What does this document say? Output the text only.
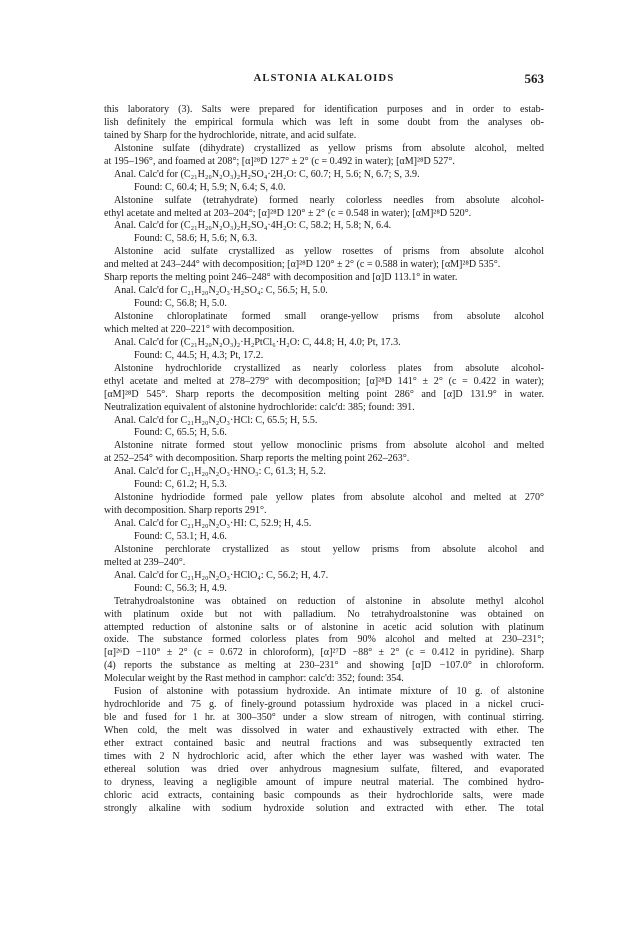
ALSTONIA ALKALOIDS	563
this laboratory (3). Salts were prepared for identification purposes and in order to estab-
lish definitely the empirical formula which was left in some doubt from the analyses ob-
tained by Sharp for the hydrochloride, nitrate, and acid sulfate.
Alstonine sulfate (dihydrate) crystallized as yellow prisms from absolute alcohol, melted
at 195–196°, and foamed at 208°; [α]²⁸D 127° ± 2° (c = 0.492 in water); [αM]²⁸D 527°.
Anal. Calc'd for (C₂₁H₂₀N₂O₃)₂H₂SO₄·2H₂O: C, 60.7; H, 5.6; N, 6.7; S, 3.9.
Found: C, 60.4; H, 5.9; N, 6.4; S, 4.0.
Alstonine sulfate (tetrahydrate) formed nearly colorless needles from absolute alcohol-
ethyl acetate and melted at 203–204°; [α]²⁸D 120° ± 2° (c = 0.548 in water); [αM]²⁸D 520°.
Anal. Calc'd for (C₂₁H₂₀N₂O₃)₂H₂SO₄·4H₂O: C, 58.2; H, 5.8; N, 6.4.
Found: C, 58.6; H, 5.6; N, 6.3.
Alstonine acid sulfate crystallized as yellow rosettes of prisms from absolute alcohol
and melted at 243–244° with decomposition; [α]²⁸D 120° ± 2° (c = 0.588 in water); [αM]²⁸D 535°.
Sharp reports the melting point 246–248° with decomposition and [α]D 113.1° in water.
Anal. Calc'd for C₂₁H₂₀N₂O₃·H₂SO₄: C, 56.5; H, 5.0.
Found: C, 56.8; H, 5.0.
Alstonine chloroplatinate formed small orange-yellow prisms from absolute alcohol
which melted at 220–221° with decomposition.
Anal. Calc'd for (C₂₁H₂₀N₂O₃)₂·H₂PtCl₆·H₂O: C, 44.8; H, 4.0; Pt, 17.3.
Found: C, 44.5; H, 4.3; Pt, 17.2.
Alstonine hydrochloride crystallized as nearly colorless plates from absolute alcohol-
ethyl acetate and melted at 278–279° with decomposition; [α]²⁸D 141° ± 2° (c = 0.422 in water);
[αM]²⁸D 545°. Sharp reports the decomposition melting point 286° and [α]D 131.9° in water.
Neutralization equivalent of alstonine hydrochloride: calc'd: 385; found: 391.
Anal. Calc'd for C₂₁H₂₀N₂O₃·HCl: C, 65.5; H, 5.5.
Found: C, 65.5; H, 5.6.
Alstonine nitrate formed stout yellow monoclinic prisms from absolute alcohol and melted
at 252–254° with decomposition. Sharp reports the melting point 262–263°.
Anal. Calc'd for C₂₁H₂₀N₂O₃·HNO₃: C, 61.3; H, 5.2.
Found: C, 61.2; H, 5.3.
Alstonine hydriodide formed pale yellow plates from absolute alcohol and melted at 270°
with decomposition. Sharp reports 291°.
Anal. Calc'd for C₂₁H₂₀N₂O₃·HI: C, 52.9; H, 4.5.
Found: C, 53.1; H, 4.6.
Alstonine perchlorate crystallized as stout yellow prisms from absolute alcohol and
melted at 239–240°.
Anal. Calc'd for C₂₁H₂₀N₂O₃·HClO₄: C, 56.2; H, 4.7.
Found: C, 56.3; H, 4.9.
Tetrahydroalstonine was obtained on reduction of alstonine in absolute methyl alcohol
with platinum oxide but not with palladium. No tetrahydroalstonine was obtained on
attempted reduction of alstonine salts or of alstonine in acetic acid solution with platinum
oxide. The substance formed colorless plates from 90% alcohol and melted at 230–231°;
[α]²⁶D −110° ± 2° (c = 0.672 in chloroform), [α]²⁷D −88° ± 2° (c = 0.412 in pyridine). Sharp
(4) reports the substance as melting at 230–231° and showing [α]D −107.0° in chloroform.
Molecular weight by the Rast method in camphor: calc'd: 352; found: 354.
Fusion of alstonine with potassium hydroxide. An intimate mixture of 10 g. of alstonine
hydrochloride and 75 g. of finely-ground potassium hydroxide was placed in a nickel cruci-
ble and fused for 1 hr. at 300–350° under a slow stream of nitrogen, with continual stirring.
When cold, the melt was dissolved in water and exhaustively extracted with ether. The
ether extract contained basic and neutral fractions and was subsequently extracted ten
times with 2 N hydrochloric acid, after which the ether layer was washed with water. The
ethereal solution was dried over anhydrous magnesium sulfate, filtered, and evaporated
to dryness, leaving a negligible amount of impure neutral material. The combined hydro-
chloric acid extracts, containing basic compounds as their hydrochloride salts, were made
strongly alkaline with sodium hydroxide solution and extracted with ether. The total
